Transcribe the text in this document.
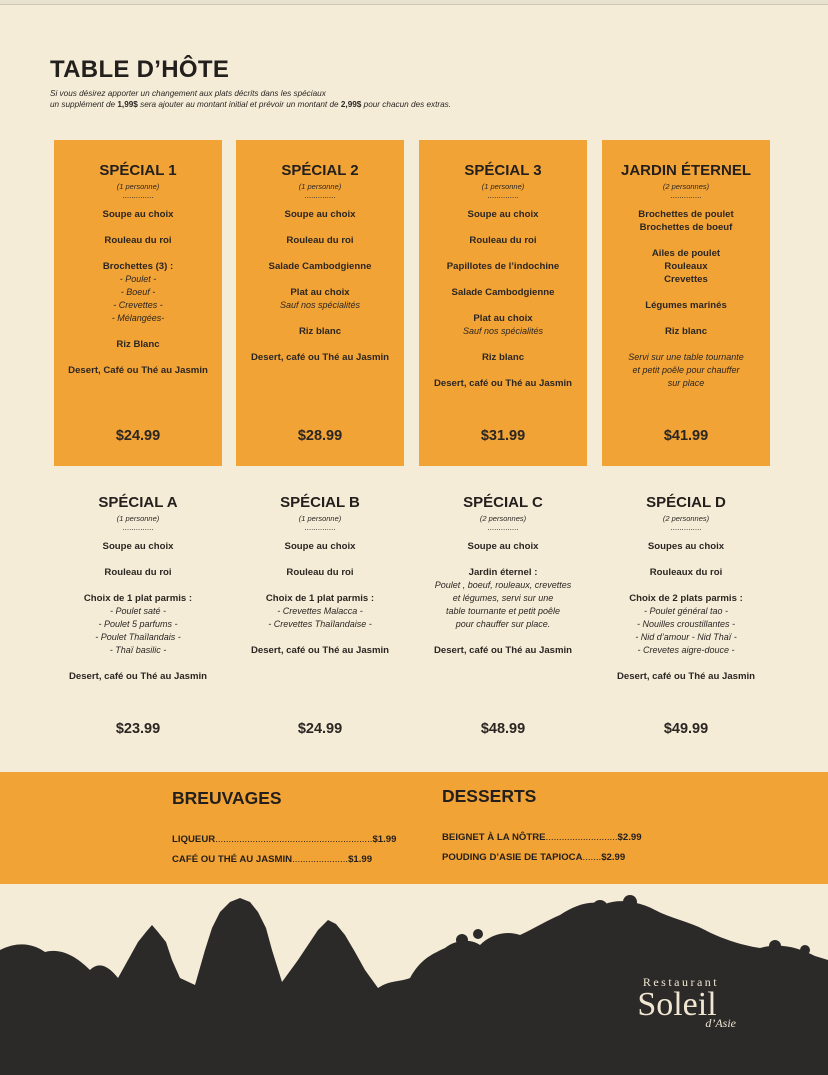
TABLE D’HÔTE
Si vous désirez apporter un changement aux plats décrits dans les spéciaux
un supplément de 1,99$ sera ajouter au montant initial et prévoir un montant de 2,99$ pour chacun des extras.
SPÉCIAL 1
(1 personne)
..............
Soupe au choix
Rouleau du roi
Brochettes (3) :
- Poulet -
- Boeuf -
- Crevettes -
- Mélangées-
Riz Blanc
Desert, Café ou Thé au Jasmin
$24.99
SPÉCIAL 2
(1 personne)
..............
Soupe au choix
Rouleau du roi
Salade Cambodgienne
Plat au choix
Sauf nos spécialités
Riz blanc
Desert, café ou Thé au Jasmin
$28.99
SPÉCIAL 3
(1 personne)
..............
Soupe au choix
Rouleau du roi
Papillotes de l’indochine
Salade Cambodgienne
Plat au choix
Sauf nos spécialités
Riz blanc
Desert, café ou Thé au Jasmin
$31.99
JARDIN ÉTERNEL
(2 personnes)
..............
Brochettes de poulet
Brochettes de boeuf
Ailes de poulet
Rouleaux
Crevettes
Légumes marinés
Riz blanc
Servi sur une table tournante
et petit poêle pour chauffer
sur place
$41.99
SPÉCIAL A
(1 personne)
..............
Soupe au choix
Rouleau du roi
Choix de 1 plat parmis :
- Poulet saté -
- Poulet 5 parfums -
- Poulet Thaïlandais -
- Thaï basilic -
Desert, café ou Thé au Jasmin
$23.99
SPÉCIAL B
(1 personne)
..............
Soupe au choix
Rouleau du roi
Choix de 1 plat parmis :
- Crevettes Malacca -
- Crevettes Thaïlandaise -
Desert, café ou Thé au Jasmin
$24.99
SPÉCIAL C
(2 personnes)
..............
Soupe au choix
Jardin éternel :
Poulet , boeuf, rouleaux, crevettes
et légumes, servi sur une
table tournante et petit poêle
pour chauffer sur place.
Desert, café ou Thé au Jasmin
$48.99
SPÉCIAL D
(2 personnes)
..............
Soupes au choix
Rouleaux du roi
Choix de 2 plats parmis :
- Poulet général tao -
- Nouilles croustillantes -
- Nid d’amour - Nid Thaï -
- Crevetes aigre-douce -
Desert, café ou Thé au Jasmin
$49.99
BREUVAGES	DESSERTS
LIQUEUR...........................................................$1.99
CAFÉ OU THÉ AU JASMIN.....................$1.99
BEIGNET À LA NÔTRE...........................$2.99
POUDING D’ASIE DE TAPIOCA.......$2.99
Restaurant
Soleil
d’Asie
